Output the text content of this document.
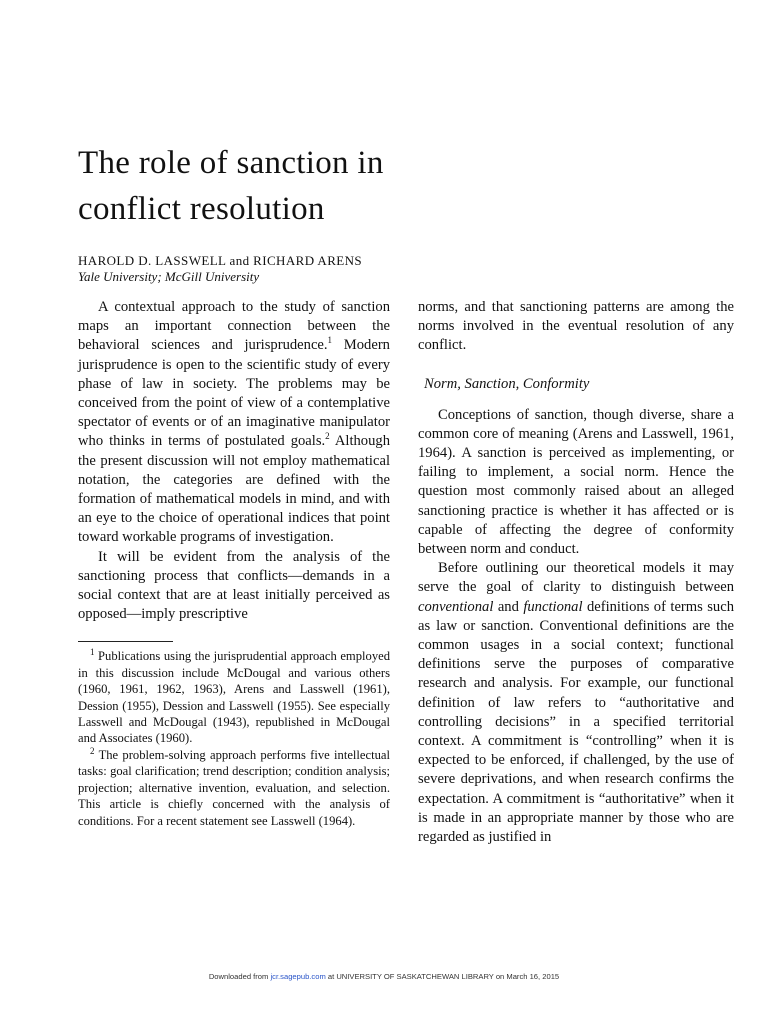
The role of sanction in
conflict resolution
HAROLD D. LASSWELL and RICHARD ARENS
Yale University; McGill University

A contextual approach to the study of sanction maps an important connection between the behavioral sciences and jurisprudence.$^1$ Modern jurisprudence is open to the scientific study of every phase of law in society. The problems may be conceived from the point of view of a contemplative spectator of events or of an imaginative manipulator who thinks in terms of postulated goals.$^2$ Although the present discussion will not employ mathematical notation, the categories are defined with the formation of mathematical models in mind, and with an eye to the choice of operational indices that point toward workable programs of investigation.

It will be evident from the analysis of the sanctioning process that conflicts—demands in a social context that are at least initially perceived as opposed—imply prescriptive

$^1$ Publications using the jurisprudential approach employed in this discussion include McDougal and various others (1960, 1961, 1962, 1963), Arens and Lasswell (1961), Dession (1955), Dession and Lasswell (1955). See especially Lasswell and McDougal (1943), republished in McDougal and Associates (1960).

$^2$ The problem-solving approach performs five intellectual tasks: goal clarification; trend description; condition analysis; projection; alternative invention, evaluation, and selection. This article is chiefly concerned with the analysis of conditions. For a recent statement see Lasswell (1964).

norms, and that sanctioning patterns are among the norms involved in the eventual resolution of any conflict.

Norm, Sanction, Conformity

Conceptions of sanction, though diverse, share a common core of meaning (Arens and Lasswell, 1961, 1964). A sanction is perceived as implementing, or failing to implement, a social norm. Hence the question most commonly raised about an alleged sanctioning practice is whether it has affected or is capable of affecting the degree of conformity between norm and conduct.

Before outlining our theoretical models it may serve the goal of clarity to distinguish between conventional and functional definitions of terms such as law or sanction. Conventional definitions are the common usages in a social context; functional definitions serve the purposes of comparative research and analysis. For example, our functional definition of law refers to “authoritative and controlling decisions” in a specified territorial context. A commitment is “controlling” when it is expected to be enforced, if challenged, by the use of severe deprivations, and when research confirms the expectation. A commitment is “authoritative” when it is made in an appropriate manner by those who are regarded as justified in

Downloaded from jcr.sagepub.com at UNIVERSITY OF SASKATCHEWAN LIBRARY on March 16, 2015
